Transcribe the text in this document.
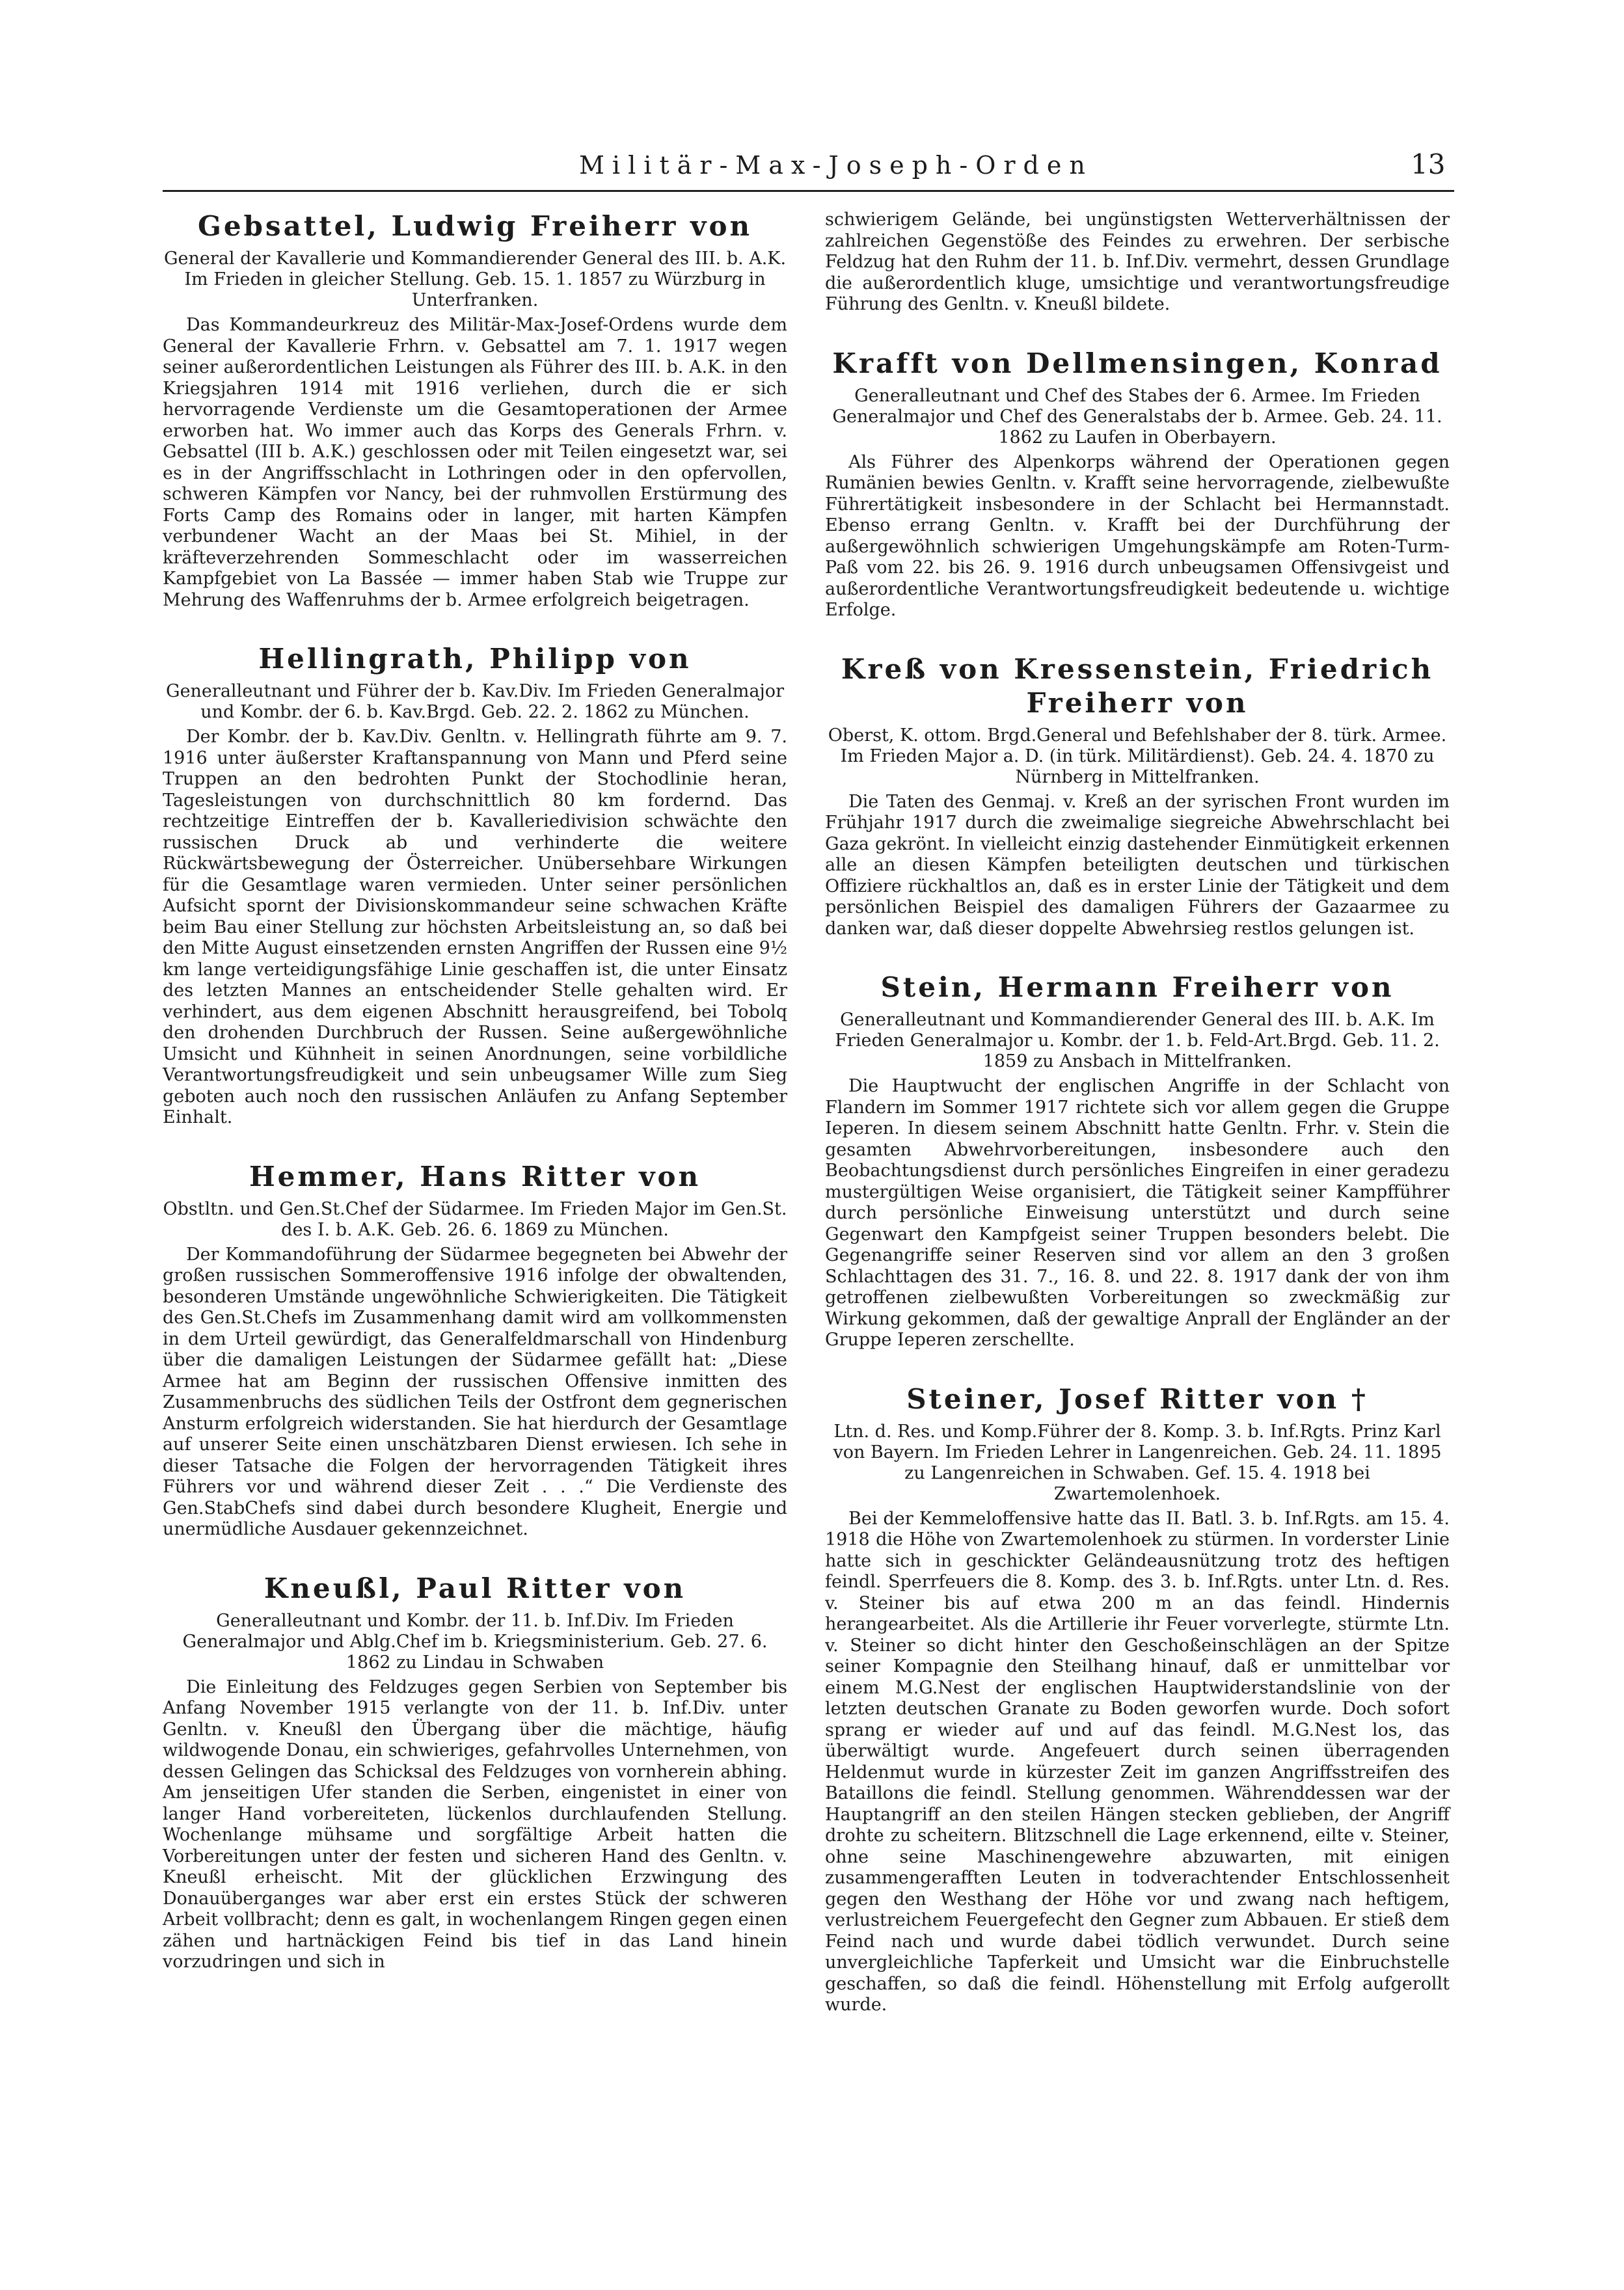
Militär-Max-Joseph-Orden	13
Gebsattel, Ludwig Freiherr von

General der Kavallerie und Kommandierender General des III. b. A.K. Im Frieden in gleicher Stellung. Geb. 15. 1. 1857 zu Würzburg in Unterfranken.

Das Kommandeurkreuz des Militär-Max-Josef-Ordens wurde dem General der Kavallerie Frhrn. v. Gebsattel am 7. 1. 1917 wegen seiner außerordentlichen Leistungen als Führer des III. b. A.K. in den Kriegsjahren 1914 mit 1916 verliehen, durch die er sich hervorragende Verdienste um die Gesamtoperationen der Armee erworben hat. Wo immer auch das Korps des Generals Frhrn. v. Gebsattel (III b. A.K.) geschlossen oder mit Teilen eingesetzt war, sei es in der Angriffsschlacht in Lothringen oder in den opfervollen, schweren Kämpfen vor Nancy, bei der ruhmvollen Erstürmung des Forts Camp des Romains oder in langer, mit harten Kämpfen verbundener Wacht an der Maas bei St. Mihiel, in der kräfteverzehrenden Sommeschlacht oder im wasserreichen Kampfgebiet von La Bassée — immer haben Stab wie Truppe zur Mehrung des Waffenruhms der b. Armee erfolgreich beigetragen.

Hellingrath, Philipp von

Generalleutnant und Führer der b. Kav.Div. Im Frieden Generalmajor und Kombr. der 6. b. Kav.Brgd. Geb. 22. 2. 1862 zu München.

Der Kombr. der b. Kav.Div. Genltn. v. Hellingrath führte am 9. 7. 1916 unter äußerster Kraftanspannung von Mann und Pferd seine Truppen an den bedrohten Punkt der Stochodlinie heran, Tagesleistungen von durchschnittlich 80 km fordernd. Das rechtzeitige Eintreffen der b. Kavalleriedivision schwächte den russischen Druck ab und verhinderte die weitere Rückwärtsbewegung der Österreicher. Unübersehbare Wirkungen für die Gesamtlage waren vermieden. Unter seiner persönlichen Aufsicht spornt der Divisionskommandeur seine schwachen Kräfte beim Bau einer Stellung zur höchsten Arbeitsleistung an, so daß bei den Mitte August einsetzenden ernsten Angriffen der Russen eine 9½ km lange verteidigungsfähige Linie geschaffen ist, die unter Einsatz des letzten Mannes an entscheidender Stelle gehalten wird. Er verhindert, aus dem eigenen Abschnitt herausgreifend, bei Tobolq den drohenden Durchbruch der Russen. Seine außergewöhnliche Umsicht und Kühnheit in seinen Anordnungen, seine vorbildliche Verantwortungsfreudigkeit und sein unbeugsamer Wille zum Sieg geboten auch noch den russischen Anläufen zu Anfang September Einhalt.

Hemmer, Hans Ritter von

Obstltn. und Gen.St.Chef der Südarmee. Im Frieden Major im Gen.St. des I. b. A.K. Geb. 26. 6. 1869 zu München.

Der Kommandoführung der Südarmee begegneten bei Abwehr der großen russischen Sommeroffensive 1916 infolge der obwaltenden, besonderen Umstände ungewöhnliche Schwierigkeiten. Die Tätigkeit des Gen.St.Chefs im Zusammenhang damit wird am vollkommensten in dem Urteil gewürdigt, das Generalfeldmarschall von Hindenburg über die damaligen Leistungen der Südarmee gefällt hat: „Diese Armee hat am Beginn der russischen Offensive inmitten des Zusammenbruchs des südlichen Teils der Ostfront dem gegnerischen Ansturm erfolgreich widerstanden. Sie hat hierdurch der Gesamtlage auf unserer Seite einen unschätzbaren Dienst erwiesen. Ich sehe in dieser Tatsache die Folgen der hervorragenden Tätigkeit ihres Führers vor und während dieser Zeit . . .“ Die Verdienste des Gen.StabChefs sind dabei durch besondere Klugheit, Energie und unermüdliche Ausdauer gekennzeichnet.

Kneußl, Paul Ritter von

Generalleutnant und Kombr. der 11. b. Inf.Div. Im Frieden Generalmajor und Ablg.Chef im b. Kriegsministerium. Geb. 27. 6. 1862 zu Lindau in Schwaben

Die Einleitung des Feldzuges gegen Serbien von September bis Anfang November 1915 verlangte von der 11. b. Inf.Div. unter Genltn. v. Kneußl den Übergang über die mächtige, häufig wildwogende Donau, ein schwieriges, gefahrvolles Unternehmen, von dessen Gelingen das Schicksal des Feldzuges von vornherein abhing. Am jenseitigen Ufer standen die Serben, eingenistet in einer von langer Hand vorbereiteten, lückenlos durchlaufenden Stellung. Wochenlange mühsame und sorgfältige Arbeit hatten die Vorbereitungen unter der festen und sicheren Hand des Genltn. v. Kneußl erheischt. Mit der glücklichen Erzwingung des Donauüberganges war aber erst ein erstes Stück der schweren Arbeit vollbracht; denn es galt, in wochenlangem Ringen gegen einen zähen und hartnäckigen Feind bis tief in das Land hinein vorzudringen und sich in

schwierigem Gelände, bei ungünstigsten Wetterverhältnissen der zahlreichen Gegenstöße des Feindes zu erwehren. Der serbische Feldzug hat den Ruhm der 11. b. Inf.Div. vermehrt, dessen Grundlage die außerordentlich kluge, umsichtige und verantwortungsfreudige Führung des Genltn. v. Kneußl bildete.

Krafft von Dellmensingen, Konrad

Generalleutnant und Chef des Stabes der 6. Armee. Im Frieden Generalmajor und Chef des Generalstabs der b. Armee. Geb. 24. 11. 1862 zu Laufen in Oberbayern.

Als Führer des Alpenkorps während der Operationen gegen Rumänien bewies Genltn. v. Krafft seine hervorragende, zielbewußte Führertätigkeit insbesondere in der Schlacht bei Hermannstadt. Ebenso errang Genltn. v. Krafft bei der Durchführung der außergewöhnlich schwierigen Umgehungskämpfe am Roten-Turm-Paß vom 22. bis 26. 9. 1916 durch unbeugsamen Offensivgeist und außerordentliche Verantwortungsfreudigkeit bedeutende u. wichtige Erfolge.

Kreß von Kressenstein, Friedrich Freiherr von

Oberst, K. ottom. Brgd.General und Befehlshaber der 8. türk. Armee. Im Frieden Major a. D. (in türk. Militärdienst). Geb. 24. 4. 1870 zu Nürnberg in Mittelfranken.

Die Taten des Genmaj. v. Kreß an der syrischen Front wurden im Frühjahr 1917 durch die zweimalige siegreiche Abwehrschlacht bei Gaza gekrönt. In vielleicht einzig dastehender Einmütigkeit erkennen alle an diesen Kämpfen beteiligten deutschen und türkischen Offiziere rückhaltlos an, daß es in erster Linie der Tätigkeit und dem persönlichen Beispiel des damaligen Führers der Gazaarmee zu danken war, daß dieser doppelte Abwehrsieg restlos gelungen ist.

Stein, Hermann Freiherr von

Generalleutnant und Kommandierender General des III. b. A.K. Im Frieden Generalmajor u. Kombr. der 1. b. Feld-Art.Brgd. Geb. 11. 2. 1859 zu Ansbach in Mittelfranken.

Die Hauptwucht der englischen Angriffe in der Schlacht von Flandern im Sommer 1917 richtete sich vor allem gegen die Gruppe Ieperen. In diesem seinem Abschnitt hatte Genltn. Frhr. v. Stein die gesamten Abwehrvorbereitungen, insbesondere auch den Beobachtungsdienst durch persönliches Eingreifen in einer geradezu mustergültigen Weise organisiert, die Tätigkeit seiner Kampfführer durch persönliche Einweisung unterstützt und durch seine Gegenwart den Kampfgeist seiner Truppen besonders belebt. Die Gegenangriffe seiner Reserven sind vor allem an den 3 großen Schlachttagen des 31. 7., 16. 8. und 22. 8. 1917 dank der von ihm getroffenen zielbewußten Vorbereitungen so zweckmäßig zur Wirkung gekommen, daß der gewaltige Anprall der Engländer an der Gruppe Ieperen zerschellte.

Steiner, Josef Ritter von †

Ltn. d. Res. und Komp.Führer der 8. Komp. 3. b. Inf.Rgts. Prinz Karl von Bayern. Im Frieden Lehrer in Langenreichen. Geb. 24. 11. 1895 zu Langenreichen in Schwaben. Gef. 15. 4. 1918 bei Zwartemolenhoek.

Bei der Kemmeloffensive hatte das II. Batl. 3. b. Inf.Rgts. am 15. 4. 1918 die Höhe von Zwartemolenhoek zu stürmen. In vorderster Linie hatte sich in geschickter Geländeausnützung trotz des heftigen feindl. Sperrfeuers die 8. Komp. des 3. b. Inf.Rgts. unter Ltn. d. Res. v. Steiner bis auf etwa 200 m an das feindl. Hindernis herangearbeitet. Als die Artillerie ihr Feuer vorverlegte, stürmte Ltn. v. Steiner so dicht hinter den Geschoßeinschlägen an der Spitze seiner Kompagnie den Steilhang hinauf, daß er unmittelbar vor einem M.G.Nest der englischen Hauptwiderstandslinie von der letzten deutschen Granate zu Boden geworfen wurde. Doch sofort sprang er wieder auf und auf das feindl. M.G.Nest los, das überwältigt wurde. Angefeuert durch seinen überragenden Heldenmut wurde in kürzester Zeit im ganzen Angriffsstreifen des Bataillons die feindl. Stellung genommen. Währenddessen war der Hauptangriff an den steilen Hängen stecken geblieben, der Angriff drohte zu scheitern. Blitzschnell die Lage erkennend, eilte v. Steiner, ohne seine Maschinengewehre abzuwarten, mit einigen zusammengerafften Leuten in todverachtender Entschlossenheit gegen den Westhang der Höhe vor und zwang nach heftigem, verlustreichem Feuergefecht den Gegner zum Abbauen. Er stieß dem Feind nach und wurde dabei tödlich verwundet. Durch seine unvergleichliche Tapferkeit und Umsicht war die Einbruchstelle geschaffen, so daß die feindl. Höhenstellung mit Erfolg aufgerollt wurde.
